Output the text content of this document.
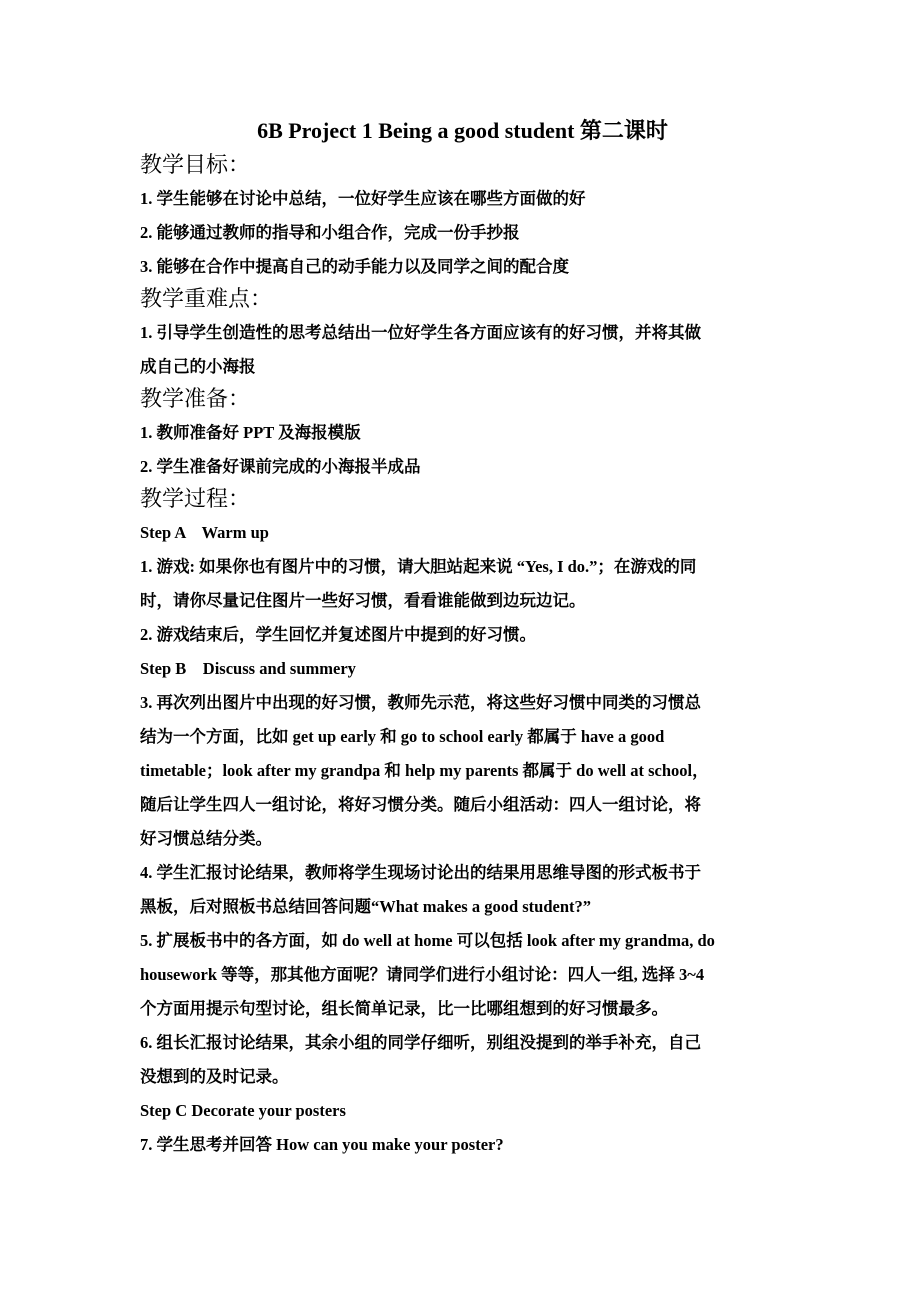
6B Project 1 Being a good student 第二课时
教学目标：
1. 学生能够在讨论中总结，一位好学生应该在哪些方面做的好
2. 能够通过教师的指导和小组合作，完成一份手抄报
3. 能够在合作中提高自己的动手能力以及同学之间的配合度
教学重难点：
1. 引导学生创造性的思考总结出一位好学生各方面应该有的好习惯，并将其做
成自己的小海报
教学准备：
1. 教师准备好 PPT 及海报模版
2. 学生准备好课前完成的小海报半成品
教学过程：
Step A    Warm up
1. 游戏: 如果你也有图片中的习惯，请大胆站起来说 “Yes, I do.”；在游戏的同
时，请你尽量记住图片一些好习惯，看看谁能做到边玩边记。
2. 游戏结束后，学生回忆并复述图片中提到的好习惯。
Step B    Discuss and summery
3. 再次列出图片中出现的好习惯，教师先示范，将这些好习惯中同类的习惯总
结为一个方面，比如 get up early 和 go to school early 都属于 have a good
timetable；look after my grandpa 和 help my parents 都属于 do well at school，
随后让学生四人一组讨论，将好习惯分类。随后小组活动：四人一组讨论，将
好习惯总结分类。
4. 学生汇报讨论结果，教师将学生现场讨论出的结果用思维导图的形式板书于
黑板，后对照板书总结回答问题“What makes a good student?”
5. 扩展板书中的各方面，如 do well at home 可以包括 look after my grandma, do
housework 等等，那其他方面呢？请同学们进行小组讨论：四人一组, 选择 3~4
个方面用提示句型讨论，组长简单记录，比一比哪组想到的好习惯最多。
6. 组长汇报讨论结果，其余小组的同学仔细听，别组没提到的举手补充，自己
没想到的及时记录。
Step C Decorate your posters
7. 学生思考并回答 How can you make your poster?
